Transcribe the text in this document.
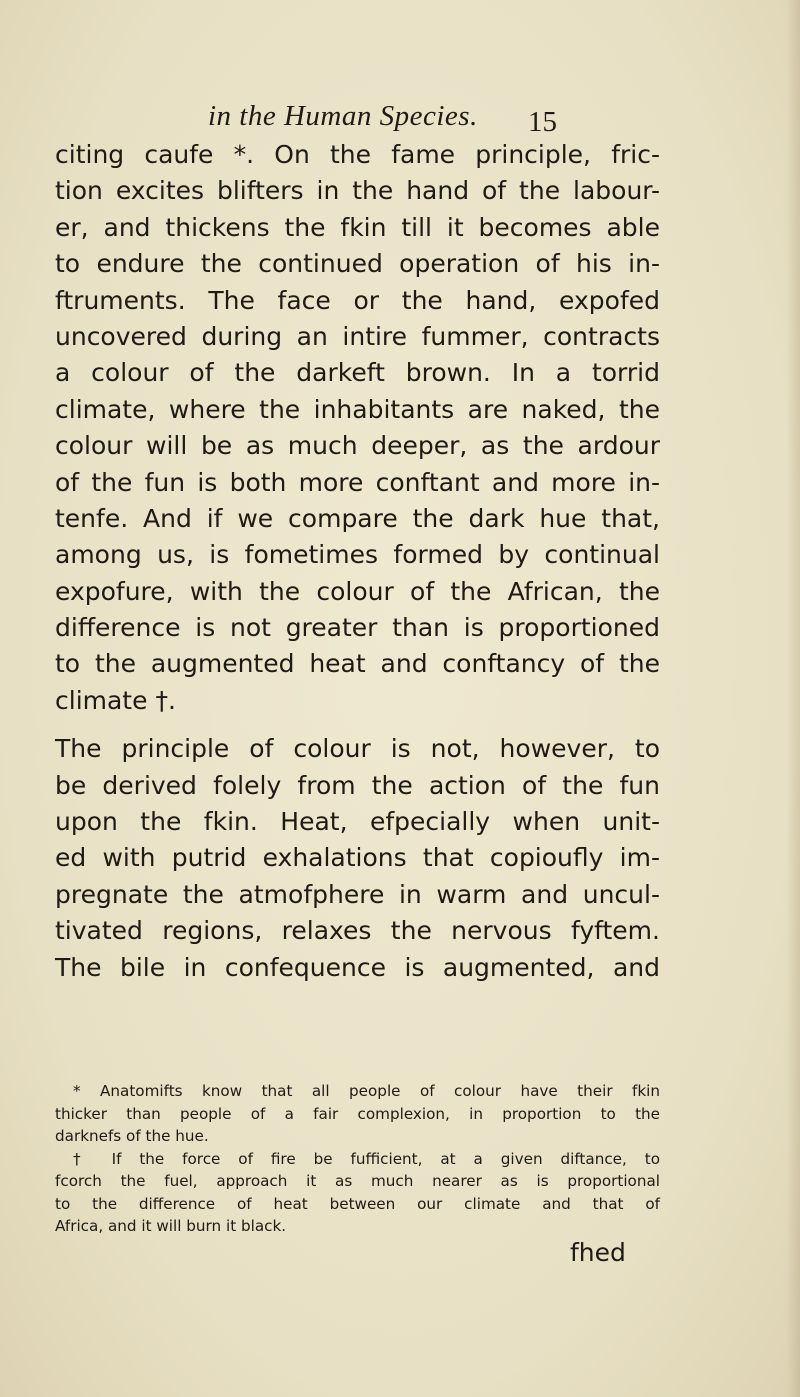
in the Human Species. 15
citing caufe *. On the fame principle, fric-
tion excites blifters in the hand of the labour-
er, and thickens the fkin till it becomes able
to endure the continued operation of his in-
ftruments. The face or the hand, expofed
uncovered during an intire fummer, contracts
a colour of the darkeft brown. In a torrid
climate, where the inhabitants are naked, the
colour will be as much deeper, as the ardour
of the fun is both more conftant and more in-
tenfe. And if we compare the dark hue that,
among us, is fometimes formed by continual
expofure, with the colour of the African, the
difference is not greater than is proportioned
to the augmented heat and conftancy of the
climate †.
The principle of colour is not, however, to
be derived folely from the action of the fun
upon the fkin. Heat, efpecially when unit-
ed with putrid exhalations that copioufly im-
pregnate the atmofphere in warm and uncul-
tivated regions, relaxes the nervous fyftem.
The bile in confequence is augmented, and
* Anatomifts know that all people of colour have their fkin
thicker than people of a fair complexion, in proportion to the
darknefs of the hue.
† If the force of fire be fufficient, at a given diftance, to
fcorch the fuel, approach it as much nearer as is proportional
to the difference of heat between our climate and that of
Africa, and it will burn it black.
fhed
